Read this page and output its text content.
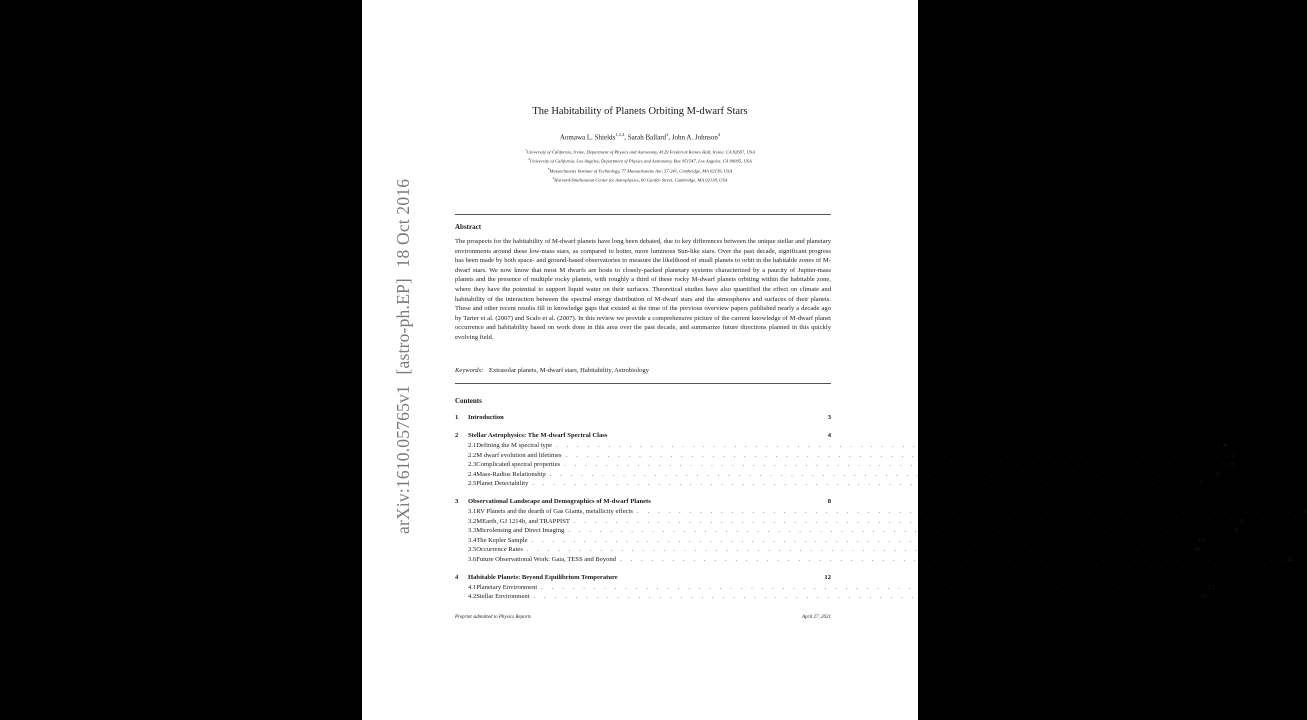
arXiv:1610.05765v1 [astro-ph.EP] 18 Oct 2016
The Habitability of Planets Orbiting M-dwarf Stars
Aomawa L. Shields$^{1,2,4}$, Sarah Ballard$^3$, John A. Johnson$^4$
$^1$University of California, Irvine, Department of Physics and Astronomy, 4129 Frederick Reines Hall, Irvine, CA 92697, USA
$^2$University of California, Los Angeles, Department of Physics and Astronomy, Box 951547, Los Angeles, CA 90095, USA
$^3$Massachusetts Institute of Technology, 77 Massachusetts Ave, 37-241, Cambridge, MA 02139, USA
$^4$Harvard-Smithsonian Center for Astrophysics, 60 Garden Street, Cambridge, MA 02138, USA
Abstract
The prospects for the habitability of M-dwarf planets have long been debated, due to key differences between the unique stellar and planetary environments around these low-mass stars, as compared to hotter, more luminous Sun-like stars. Over the past decade, significant progress has been made by both space- and ground-based observatories to measure the likelihood of small planets to orbit in the habitable zones of M-dwarf stars. We now know that most M dwarfs are hosts to closely-packed planetary systems characterized by a paucity of Jupiter-mass planets and the presence of multiple rocky planets, with roughly a third of these rocky M-dwarf planets orbiting within the habitable zone, where they have the potential to support liquid water on their surfaces. Theoretical studies have also quantified the effect on climate and habitability of the interaction between the spectral energy distribution of M-dwarf stars and the atmospheres and surfaces of their planets. These and other recent results fill in knowledge gaps that existed at the time of the previous overview papers published nearly a decade ago by Tarter et al. (2007) and Scalo et al. (2007). In this review we provide a comprehensive picture of the current knowledge of M-dwarf planet occurrence and habitability based on work done in this area over the past decade, and summarize future directions planned in this quickly evolving field.
Keywords: Extrasolar planets, M-dwarf stars, Habitability, Astrobiology
Contents
1	Introduction	3
2	Stellar Astrophysics: The M-dwarf Spectral Class	4
2.1 Defining the M spectral type . . . . . . . . . . . . . . . . . . . . . . . . . . . . . . . . . . . . . . . . . . . . . . . . . . . . . . . . . . . . . . . . 4
2.2 M dwarf evolution and lifetimes . . . . . . . . . . . . . . . . . . . . . . . . . . . . . . . . . . . . . . . . . . . . . . . . . . . . . . . . . . . . . . . . 5
2.3 Complicated spectral properties . . . . . . . . . . . . . . . . . . . . . . . . . . . . . . . . . . . . . . . . . . . . . . . . . . . . . . . . . . . . . . . . 5
2.4 Mass-Radius Relationship . . . . . . . . . . . . . . . . . . . . . . . . . . . . . . . . . . . . . . . . . . . . . . . . . . . . . . . . . . . . . . . . 6
2.5 Planet Detectability . . . . . . . . . . . . . . . . . . . . . . . . . . . . . . . . . . . . . . . . . . . . . . . . . . . . . . . . . . . . . . . . 7
3	Observational Landscape and Demographics of M-dwarf Planets	8
3.1 RV Planets and the dearth of Gas Giants, metallicity effects . . . . . . . . . . . . . . . . . . . . . . . . . . . . . . . . . . . . . . . . . . . . . . . . . . . . . . . . . . . . . . . . 8
3.2 MEarth, GJ 1214b, and TRAPPIST . . . . . . . . . . . . . . . . . . . . . . . . . . . . . . . . . . . . . . . . . . . . . . . . . . . . . . . . . . . . . . . . 9
3.3 Microlensing and Direct Imaging . . . . . . . . . . . . . . . . . . . . . . . . . . . . . . . . . . . . . . . . . . . . . . . . . . . . . . . . . . . . . . . . 9
3.4 The Kepler Sample . . . . . . . . . . . . . . . . . . . . . . . . . . . . . . . . . . . . . . . . . . . . . . . . . . . . . . . . . . . . . . . . 10
3.5 Occurrence Rates . . . . . . . . . . . . . . . . . . . . . . . . . . . . . . . . . . . . . . . . . . . . . . . . . . . . . . . . . . . . . . . . 10
3.6 Future Observational Work: Gaia, TESS and Beyond . . . . . . . . . . . . . . . . . . . . . . . . . . . . . . . . . . . . . . . . . . . . . . . . . . . . . . . . . . . . . . . . 12
4	Habitable Planets: Beyond Equilibrium Temperature	12
4.1 Planetary Environment . . . . . . . . . . . . . . . . . . . . . . . . . . . . . . . . . . . . . . . . . . . . . . . . . . . . . . . . . . . . . . . . 13
4.2 Stellar Environment . . . . . . . . . . . . . . . . . . . . . . . . . . . . . . . . . . . . . . . . . . . . . . . . . . . . . . . . . . . . . . . . 15
Preprint submitted to Physics Reports	April 27, 2021
